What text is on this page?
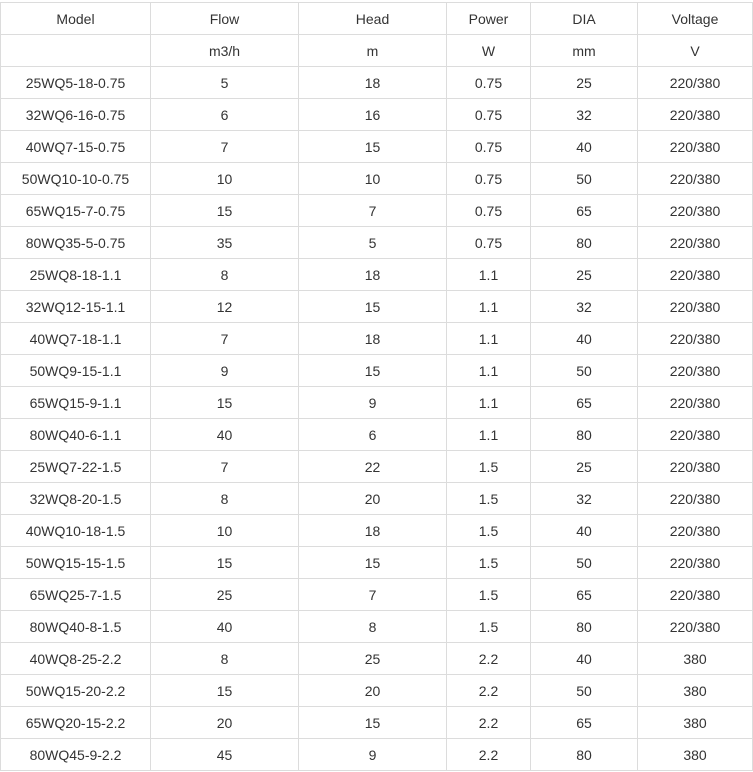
Model	Flow	Head	Power	DIA	Voltage
	m3/h	m	W	mm	V
25WQ5-18-0.75	5	18	0.75	25	220/380
32WQ6-16-0.75	6	16	0.75	32	220/380
40WQ7-15-0.75	7	15	0.75	40	220/380
50WQ10-10-0.75	10	10	0.75	50	220/380
65WQ15-7-0.75	15	7	0.75	65	220/380
80WQ35-5-0.75	35	5	0.75	80	220/380
25WQ8-18-1.1	8	18	1.1	25	220/380
32WQ12-15-1.1	12	15	1.1	32	220/380
40WQ7-18-1.1	7	18	1.1	40	220/380
50WQ9-15-1.1	9	15	1.1	50	220/380
65WQ15-9-1.1	15	9	1.1	65	220/380
80WQ40-6-1.1	40	6	1.1	80	220/380
25WQ7-22-1.5	7	22	1.5	25	220/380
32WQ8-20-1.5	8	20	1.5	32	220/380
40WQ10-18-1.5	10	18	1.5	40	220/380
50WQ15-15-1.5	15	15	1.5	50	220/380
65WQ25-7-1.5	25	7	1.5	65	220/380
80WQ40-8-1.5	40	8	1.5	80	220/380
40WQ8-25-2.2	8	25	2.2	40	380
50WQ15-20-2.2	15	20	2.2	50	380
65WQ20-15-2.2	20	15	2.2	65	380
80WQ45-9-2.2	45	9	2.2	80	380
